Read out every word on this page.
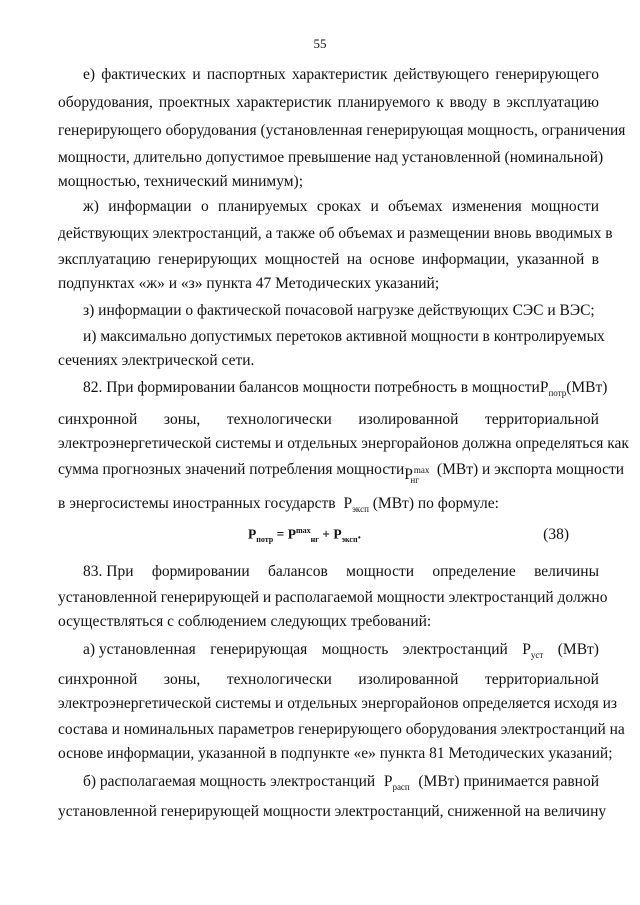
55
е) фактических и паспортных характеристик действующего генерирующего
оборудования, проектных характеристик планируемого к вводу в эксплуатацию
генерирующего оборудования (установленная генерирующая мощность, ограничения
мощности, длительно допустимое превышение над установленной (номинальной)
мощностью, технический минимум);
ж) информации о планируемых сроках и объемах изменения мощности
действующих электростанций, а также об объемах и размещении вновь вводимых в
эксплуатацию генерирующих мощностей на основе информации, указанной в
подпунктах «ж» и «з» пункта 47 Методических указаний;
з) информации о фактической почасовой нагрузке действующих СЭС и ВЭС;
и) максимально допустимых перетоков активной мощности в контролируемых
сечениях электрической сети.
82. При формировании балансов мощности потребность в мощности $P_{потр}$ (МВт)
синхронной зоны, технологически изолированной территориальной
электроэнергетической системы и отдельных энергорайонов должна определяться как
сумма прогнозных значений потребления мощности $P^{max}_{нг}$
(МВт) и экспорта мощности
в энергосистемы иностранных государств $P_{эксп}$ (МВт) по формуле:
$P_{потр} = P^{max}_{нг} + P_{эксп}$.	(38)
83. При формировании балансов мощности определение величины
установленной генерирующей и располагаемой мощности электростанций должно
осуществляться с соблюдением следующих требований:
а) установленная генерирующая мощность электростанций $P_{уст}$ (МВт)
синхронной зоны, технологически изолированной территориальной
электроэнергетической системы и отдельных энергорайонов определяется исходя из
состава и номинальных параметров генерирующего оборудования электростанций на
основе информации, указанной в подпункте «е» пункта 81 Методических указаний;
б) располагаемая мощность электростанций $P_{расп}$ (МВт) принимается равной
установленной генерирующей мощности электростанций, сниженной на величину
